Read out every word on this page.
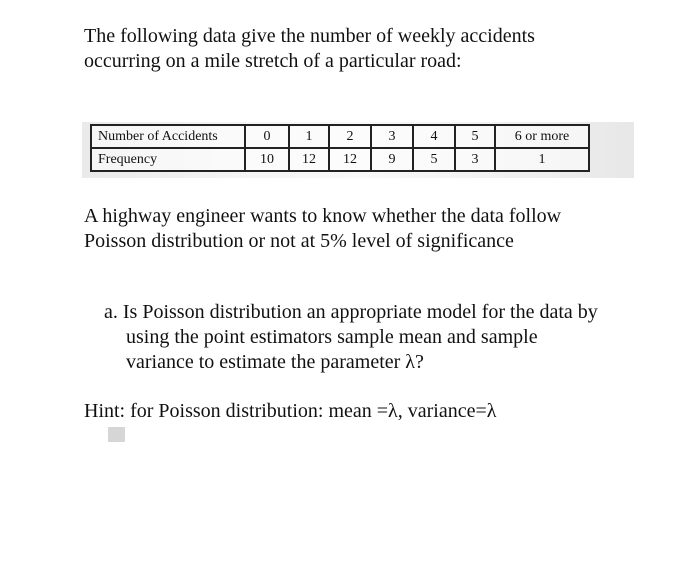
The following data give the number of weekly accidents
occurring on a mile stretch of a particular road:

Number of Accidents	0	1	2	3	4	5	6 or more
Frequency	10	12	12	9	5	3	1

A highway engineer wants to know whether the data follow
Poisson distribution or not at 5% level of significance

a. Is Poisson distribution an appropriate model for the data by
using the point estimators sample mean and sample
variance to estimate the parameter λ?

Hint: for Poisson distribution: mean =λ, variance=λ
